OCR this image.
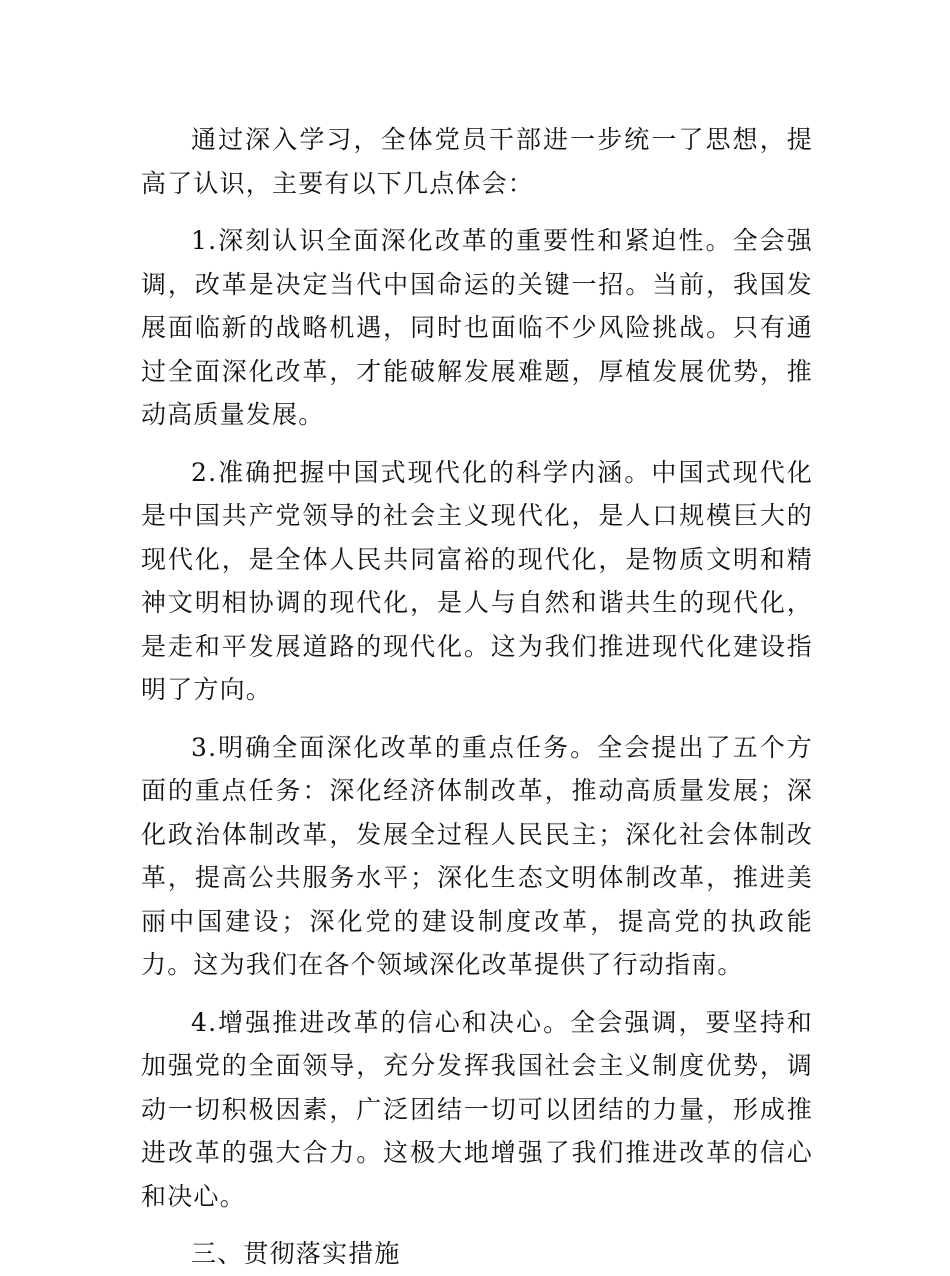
通过深入学习，全体党员干部进一步统一了思想，提高了认识，主要有以下几点体会：

1.深刻认识全面深化改革的重要性和紧迫性。全会强调，改革是决定当代中国命运的关键一招。当前，我国发展面临新的战略机遇，同时也面临不少风险挑战。只有通过全面深化改革，才能破解发展难题，厚植发展优势，推动高质量发展。

2.准确把握中国式现代化的科学内涵。中国式现代化是中国共产党领导的社会主义现代化，是人口规模巨大的现代化，是全体人民共同富裕的现代化，是物质文明和精神文明相协调的现代化，是人与自然和谐共生的现代化，是走和平发展道路的现代化。这为我们推进现代化建设指明了方向。

3.明确全面深化改革的重点任务。全会提出了五个方面的重点任务：深化经济体制改革，推动高质量发展；深化政治体制改革，发展全过程人民民主；深化社会体制改革，提高公共服务水平；深化生态文明体制改革，推进美丽中国建设；深化党的建设制度改革，提高党的执政能力。这为我们在各个领域深化改革提供了行动指南。

4.增强推进改革的信心和决心。全会强调，要坚持和加强党的全面领导，充分发挥我国社会主义制度优势，调动一切积极因素，广泛团结一切可以团结的力量，形成推进改革的强大合力。这极大地增强了我们推进改革的信心和决心。

三、贯彻落实措施
